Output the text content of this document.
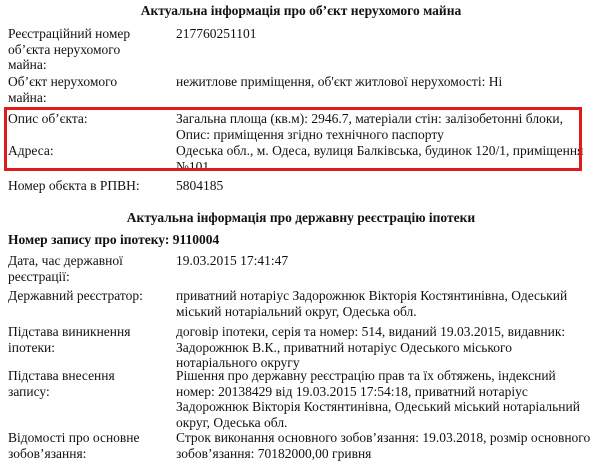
Актуальна інформація про об’єкт нерухомого майна
Реєстраційний номер об’єкта нерухомого майна:
217760251101
Об’єкт нерухомого майна:
нежитлове приміщення, об'єкт житлової нерухомості: Ні
Опис об’єкта:	Загальна площа (кв.м): 2946.7, матеріали стін: залізобетонні блоки, Опис: приміщення згідно технічного паспорту
Адреса:	Одеська обл., м. Одеса, вулиця Балківська, будинок 120/1, приміщення №101
Номер обєкта в РПВН:	5804185
Актуальна інформація про державну реєстрацію іпотеки
Номер запису про іпотеку: 9110004
Дата, час державної реєстрації:
19.03.2015 17:41:47
Державний реєстратор:	приватний нотаріус Задорожнюк Вікторія Костянтинівна, Одеський міський нотаріальний округ, Одеська обл.
Підстава виникнення іпотеки:
договір іпотеки, серія та номер: 514, виданий 19.03.2015, видавник: Задорожнюк В.К., приватний нотаріус Одеського міського нотаріального округу
Підстава внесення запису:
Рішення про державну реєстрацію прав та їх обтяжень, індексний номер: 20138429 від 19.03.2015 17:54:18, приватний нотаріус Задорожнюк Вікторія Костянтинівна, Одеський міський нотаріальний округ, Одеська обл.
Відомості про основне зобов’язання:
Строк виконання основного зобов’язання: 19.03.2018, розмір основного зобов’язання: 70182000,00 гривня
